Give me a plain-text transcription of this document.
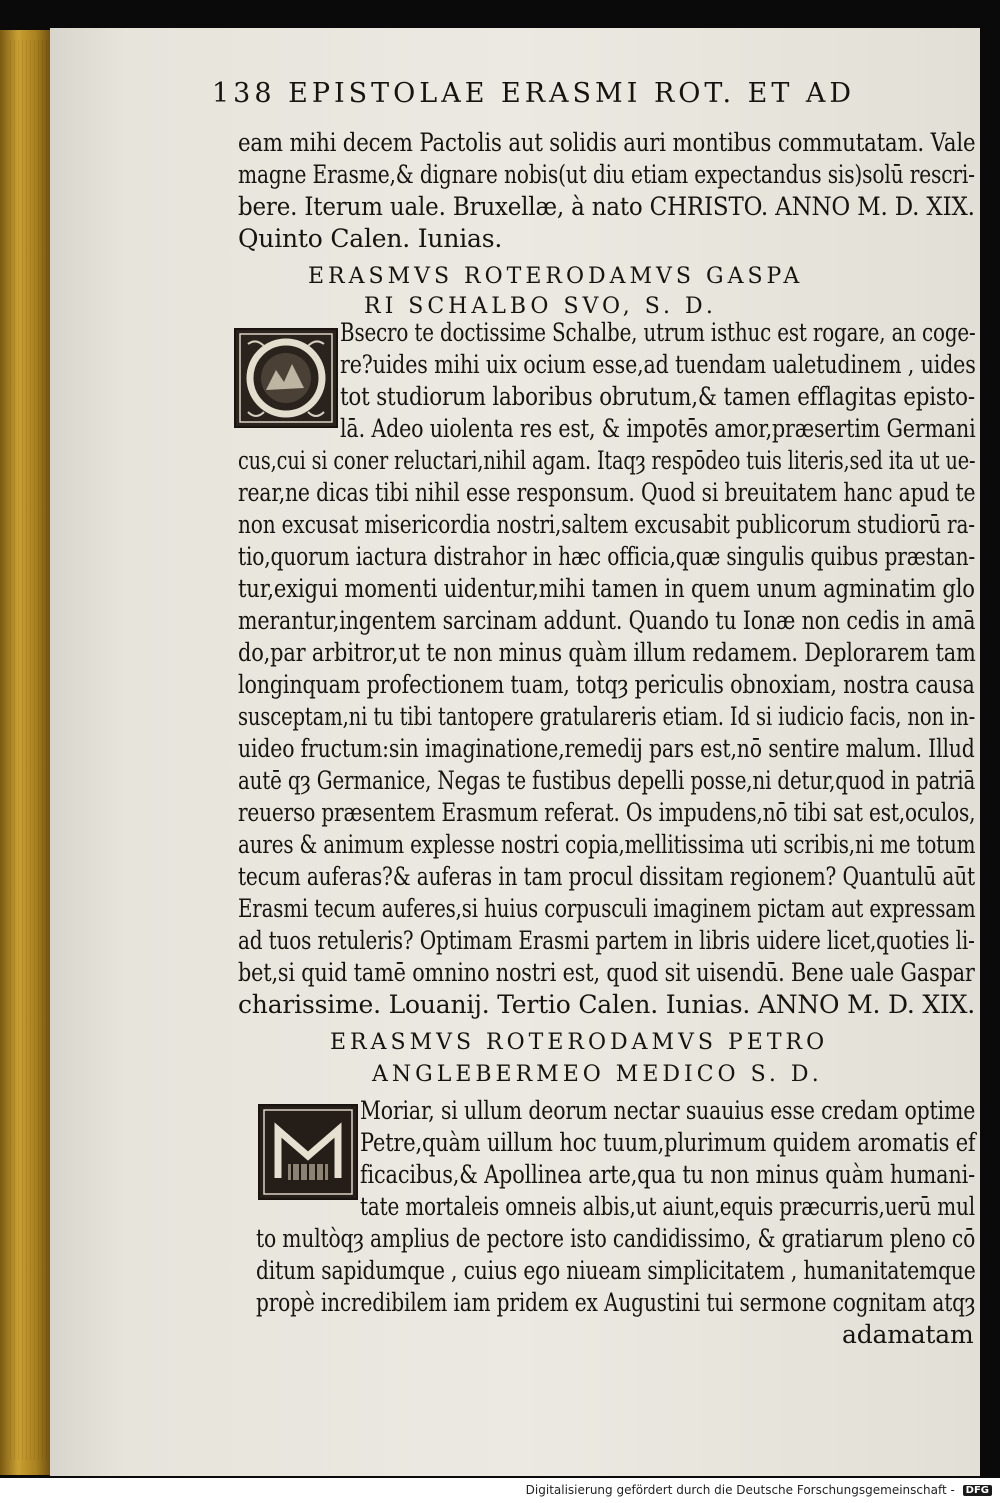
138 EPISTOLAE ERASMI ROT. ET AD
eam mihi decem Pactolis aut solidis auri montibus commutatam. Vale
magne Erasme,& dignare nobis(ut diu etiam expectandus sis)solū rescri-
bere. Iterum uale. Bruxellæ, à nato CHRISTO. ANNO M. D. XIX.
Quinto Calen. Iunias.
ERASMVS ROTERODAMVS GASPA
RI SCHALBO SVO, S. D.
Bsecro te doctissime Schalbe, utrum isthuc est rogare, an coge-
re?uides mihi uix ocium esse,ad tuendam ualetudinem , uides
tot studiorum laboribus obrutum,& tamen efflagitas episto-
lā. Adeo uiolenta res est, & impotēs amor,præsertim Germani
cus,cui si coner reluctari,nihil agam. Itaqȝ respōdeo tuis literis,sed ita ut ue-
rear,ne dicas tibi nihil esse responsum. Quod si breuitatem hanc apud te
non excusat misericordia nostri,saltem excusabit publicorum studiorū ra-
tio,quorum iactura distrahor in hæc officia,quæ singulis quibus præstan-
tur,exigui momenti uidentur,mihi tamen in quem unum agminatim glo
merantur,ingentem sarcinam addunt. Quando tu Ionæ non cedis in amā
do,par arbitror,ut te non minus quàm illum redamem. Deplorarem tam
longinquam profectionem tuam, totqȝ periculis obnoxiam, nostra causa
susceptam,ni tu tibi tantopere gratulareris etiam. Id si iudicio facis, non in-
uideo fructum:sin imaginatione,remedij pars est,nō sentire malum. Illud
autē qȝ Germanice, Negas te fustibus depelli posse,ni detur,quod in patriā
reuerso præsentem Erasmum referat. Os impudens,nō tibi sat est,oculos,
aures & animum explesse nostri copia,mellitissima uti scribis,ni me totum
tecum auferas?& auferas in tam procul dissitam regionem? Quantulū aūt
Erasmi tecum auferes,si huius corpusculi imaginem pictam aut expressam
ad tuos retuleris? Optimam Erasmi partem in libris uidere licet,quoties li-
bet,si quid tamē omnino nostri est, quod sit uisendū. Bene uale Gaspar
charissime. Louanij. Tertio Calen. Iunias. ANNO M. D. XIX.
ERASMVS ROTERODAMVS PETRO
ANGLEBERMEO MEDICO S. D.
Moriar, si ullum deorum nectar suauius esse credam optime
Petre,quàm uillum hoc tuum,plurimum quidem aromatis ef
ficacibus,& Apollinea arte,qua tu non minus quàm humani-
tate mortaleis omneis albis,ut aiunt,equis præcurris,uerū mul
to multòqȝ amplius de pectore isto candidissimo, & gratiarum pleno cō
ditum sapidumque , cuius ego niueam simplicitatem , humanitatemque
propè incredibilem iam pridem ex Augustini tui sermone cognitam atqȝ
adamatam
Digitalisierung gefördert durch die Deutsche Forschungsgemeinschaft - DFG
